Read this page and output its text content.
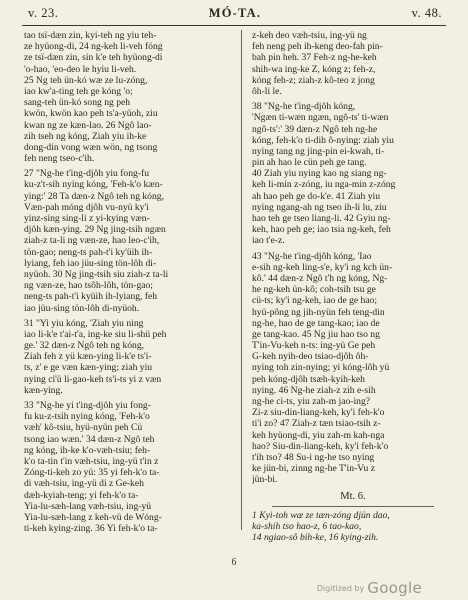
v. 23.	MÓ-TA.	v. 48.
tao tsï-dæn zin, kyi-teh ng yiu teh-
ze hyüong-di, 24 ng-keh li-veh fóng
ze tsï-dæn zin, sin k'e teh hyüong-di
'o-hao, 'eo-deo le hyiu li-veh.
25 Ng teh ün-kó wæ ze lu-zóng,
iao kw'a-ting teh ge kóng 'o;
sang-teh ün-kó song ng peh
kwön, kwön kao peh ts'a-yüoh, ziu
kwan ng ze kæn-lao. 26 Ngô lao-
zih tseh ng kóng, Ziah yiu ih-ke
dong-din vong wæn wön, ng tsong
feh neng tseo-c'ih.
27 "Ng-he t'ing-djôh yiu fong-fu
ku-z't-sih nying kóng, 'Feh-k'o kæn-
ying:' 28 Ta dæn-z Ngô teh ng kóng,
Væn-pah móng djôh vu-nyü ky'i
yinz-sing sing-li z yi-kying væn-
djôh kæn-ying. 29 Ng jing-tsih ngæn
ziah-z ta-li ng væn-ze, hao leo-c'ih,
tön-gao; neng-ts pah-t'i ky'üih ih-
lyiang, feh iao jüu-sing tön-lôh di-
nyüoh. 30 Ng jing-tsih siu ziah-z ta-li
ng væn-ze, hao tsôh-lôh, tön-gao;
neng-ts pah-t'i kyüih ih-lyiang, feh
iao jüu-sing tön-lôh di-nyüoh.
31 "Yi yiu kóng, 'Ziah yiu ning
iao li-k'e t'ai-t'a, ing-ke siu li-shü peh
ge.' 32 dæn-z Ngô teh ng kóng,
Ziah feh z yü kæn-ying li-k'e ts'i-
ts, z' e ge væn kæn-ying; ziah yiu
nying ci'ü li-gao-keh ts'i-ts yi z væn
kæn-ying.
33 "Ng-he yi t'ing-djôh yiu fong-
fu ku-z-tsih nying kóng, 'Feh-k'o
væh' kô-tsiu, hyü-nyün peh Cü
tsong iao wæn.' 34 dæn-z Ngô teh
ng kóng, ih-ke k'o-væh-tsiu; feh-
k'o ta-tin t'in væh-tsiu, ing-yü t'in z
Zóng-ti-keh zo yü: 35 yi feh-k'o ta-
di væh-tsiu, ing-yü di z Ge-keh
dæh-kyiah-teng; yi feh-k'o ta-
Yia-lu-sæh-lang væh-tsiu, ing-yü
Yia-lu-sæh-lang z keh-vü de Wóng-
ti-keh kying-zing. 36 Yi feh-k'o ta-
z-keh deo væh-tsiu, ing-yü ng
feh neng peh ih-keng deo-fah pin-
bah pin heh. 37 Feh-z ng-he-keh
shih-wa ing-ke Z, kóng z; feh-z,
kóng feh-z; ziah-z kô-teo z jong
ôh-li le.
38 "Ng-he t'ing-djôh kóng,
'Ngæn ti-wæn ngæn, ngô-ts' ti-wæn
ngô-ts':' 39 dæn-z Ngô teh ng-he
kóng, feh-k'o ti-dih ô-nying: ziah yiu
nying tang ng jing-pin ei-kwah, ti-
pin ah hao le cün peh ge tang.
40 Ziah yiu nying kao ng siang ng-
keh li-min z-zóng, iu nga-min z-zóng
ah hao peh ge do-k'e. 41 Ziah yiu
nying ngang-ah ng tseo ih-li lu, ziu
hao teh ge tseo liang-li. 42 Gyiu ng-
keh, hao peh ge; iao tsia ng-keh, feh
iao t'e-z.
43 "Ng-he t'ing-djôh kóng, 'Iao
e-sih ng-keh ling-s'e, ky'i ng kch ün-
kô.' 44 dæn-z Ngô t'h ng kóng, Ng-
he ng-keh ün-kô; coh-tsih tsu ge
cü-ts; ky'i ng-keh, iao de ge hao;
hyü-pông ng jih-nyün feh teng-din
ng-he, hao de ge tang-kao; iao de
ge tang-kao. 45 Ng jiu hao tso ng
T'in-Vu-keh n-ts: ing-yü Ge peh
G-keh nyih-deo tsiao-djôh ôh-
nying toh zin-nying; yi kóng-lôh yü
peh kóng-djôh tsæh-kyih-keh
nying. 46 Ng-he ziah-z zih e-sih
ng-he ci-ts, yiu zah-m jao-ing?
Zi-z siu-din-liang-keh, ky'i feh-k'o
ti'i zo? 47 Ziah-z tæn tsiao-tsih z-
keh hyüong-di, yiu zah-m kah-nga
hao? Siu-din-liang-keh, ky'i feh-k'o
t'ih tso? 48 Su-i ng-he tso nying
ke jün-bi, zinng ng-he T'in-Vu z
jün-bi.
Mt. 6.
1 Kyi-toh wæ ze tæn-zóng djün dao,
ka-shih tso hao-z, 6 tao-kao,
14 ngiao-sô bih-ke, 16 kying-zih.
6
Digitized by Google
